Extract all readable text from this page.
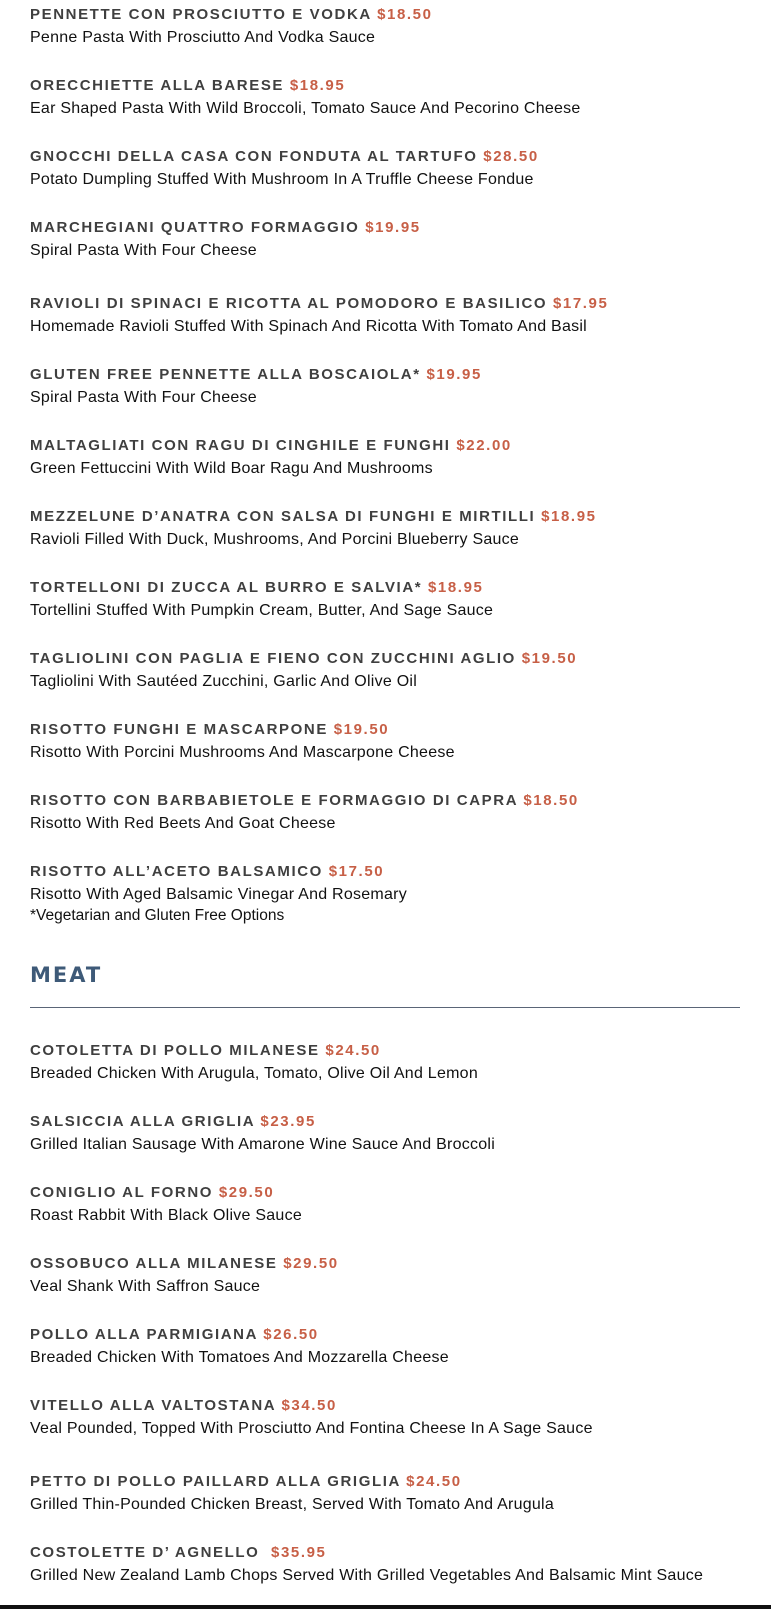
PENNETTE CON PROSCIUTTO E VODKA $18.50
Penne Pasta With Prosciutto And Vodka Sauce
ORECCHIETTE ALLA BARESE $18.95
Ear Shaped Pasta With Wild Broccoli, Tomato Sauce And Pecorino Cheese
GNOCCHI DELLA CASA CON FONDUTA AL TARTUFO $28.50
Potato Dumpling Stuffed With Mushroom In A Truffle Cheese Fondue
MARCHEGIANI QUATTRO FORMAGGIO $19.95
Spiral Pasta With Four Cheese
RAVIOLI DI SPINACI E RICOTTA AL POMODORO E BASILICO $17.95
Homemade Ravioli Stuffed With Spinach And Ricotta With Tomato And Basil
GLUTEN FREE PENNETTE ALLA BOSCAIOLA* $19.95
Spiral Pasta With Four Cheese
MALTAGLIATI CON RAGU DI CINGHILE E FUNGHI $22.00
Green Fettuccini With Wild Boar Ragu And Mushrooms
MEZZELUNE D’ANATRA CON SALSA DI FUNGHI E MIRTILLI $18.95
Ravioli Filled With Duck, Mushrooms, And Porcini Blueberry Sauce
TORTELLONI DI ZUCCA AL BURRO E SALVIA* $18.95
Tortellini Stuffed With Pumpkin Cream, Butter, And Sage Sauce
TAGLIOLINI CON PAGLIA E FIENO CON ZUCCHINI AGLIO $19.50
Tagliolini With Sautéed Zucchini, Garlic And Olive Oil
RISOTTO FUNGHI E MASCARPONE $19.50
Risotto With Porcini Mushrooms And Mascarpone Cheese
RISOTTO CON BARBABIETOLE E FORMAGGIO DI CAPRA $18.50
Risotto With Red Beets And Goat Cheese
RISOTTO ALL’ACETO BALSAMICO $17.50
Risotto With Aged Balsamic Vinegar And Rosemary
*Vegetarian and Gluten Free Options
MEAT
COTOLETTA DI POLLO MILANESE $24.50
Breaded Chicken With Arugula, Tomato, Olive Oil And Lemon
SALSICCIA ALLA GRIGLIA $23.95
Grilled Italian Sausage With Amarone Wine Sauce And Broccoli
CONIGLIO AL FORNO $29.50
Roast Rabbit With Black Olive Sauce
OSSOBUCO ALLA MILANESE $29.50
Veal Shank With Saffron Sauce
POLLO ALLA PARMIGIANA $26.50
Breaded Chicken With Tomatoes And Mozzarella Cheese
VITELLO ALLA VALTOSTANA $34.50
Veal Pounded, Topped With Prosciutto And Fontina Cheese In A Sage Sauce
PETTO DI POLLO PAILLARD ALLA GRIGLIA $24.50
Grilled Thin-Pounded Chicken Breast, Served With Tomato And Arugula
COSTOLETTE D’ AGNELLO $35.95
Grilled New Zealand Lamb Chops Served With Grilled Vegetables And Balsamic Mint Sauce
